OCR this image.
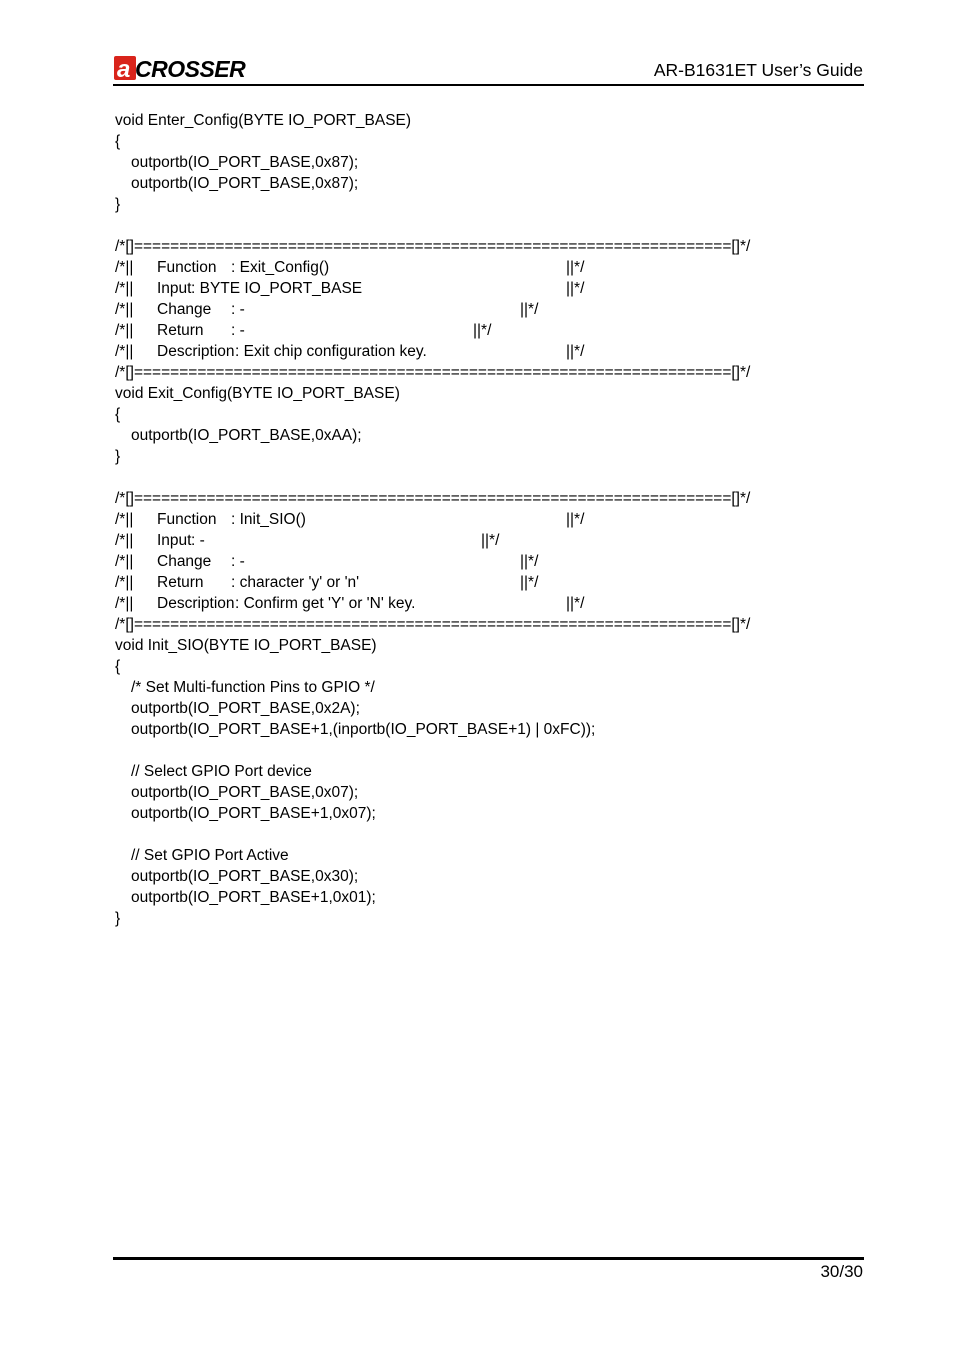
a CROSSER	AR-B1631ET User’s Guide
void Enter_Config(BYTE IO_PORT_BASE)
{
outportb(IO_PORT_BASE,0x87);
outportb(IO_PORT_BASE,0x87);
}
/*[]==================================================================[]*/
/*|| Function : Exit_Config()	||*/
/*|| Input : BYTE IO_PORT_BASE	||*/
/*|| Change : -	||*/
/*|| Return : -	||*/
/*|| Description : Exit chip configuration key.	||*/
/*[]==================================================================[]*/
void Exit_Config(BYTE IO_PORT_BASE)
{
outportb(IO_PORT_BASE,0xAA);
}
/*[]==================================================================[]*/
/*|| Function : Init_SIO()	||*/
/*|| Input : -	||*/
/*|| Change : -	||*/
/*|| Return : character 'y' or 'n'	||*/
/*|| Description : Confirm get 'Y' or 'N' key.	||*/
/*[]==================================================================[]*/
void Init_SIO(BYTE IO_PORT_BASE)
{
/* Set Multi-function Pins to GPIO */
outportb(IO_PORT_BASE,0x2A);
outportb(IO_PORT_BASE+1,(inportb(IO_PORT_BASE+1) | 0xFC));
// Select GPIO Port device
outportb(IO_PORT_BASE,0x07);
outportb(IO_PORT_BASE+1,0x07);
// Set GPIO Port Active
outportb(IO_PORT_BASE,0x30);
outportb(IO_PORT_BASE+1,0x01);
}
30/30
